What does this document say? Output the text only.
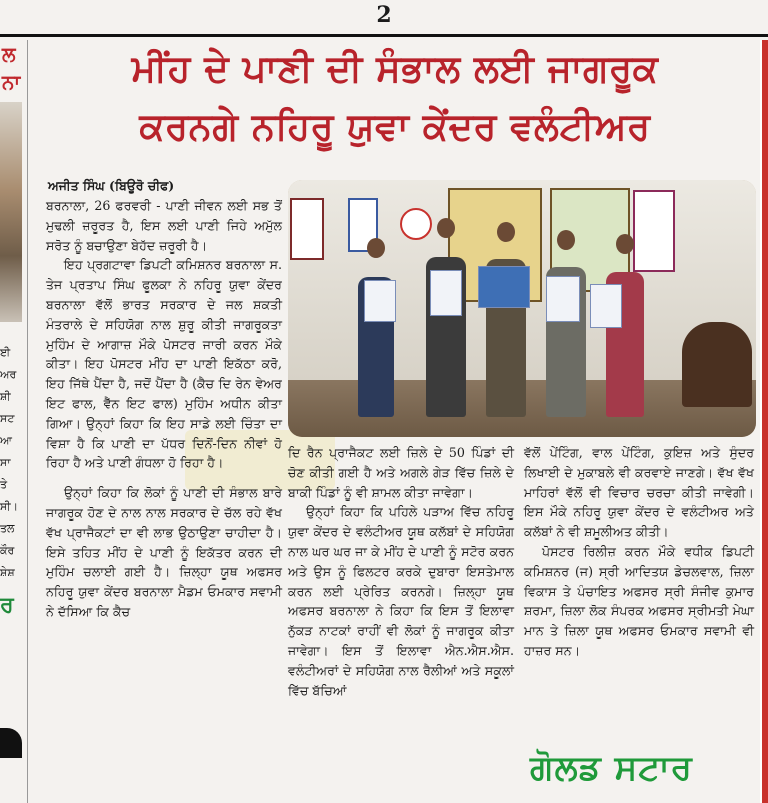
2
ਲ
ਨਾ
ਈ
ਅਰ
ਸ਼ੀ
ਸਟ
ਆ
ਸਾ
ਤੇ
ਸੀ।
ਤਲ
ਕੌਰ
ਸ਼ੇਸ਼
ਰ
ਮੀਂਹ ਦੇ ਪਾਣੀ ਦੀ ਸੰਭਾਲ ਲਈ ਜਾਗਰੂਕ
ਕਰਨਗੇ ਨਹਿਰੂ ਯੁਵਾ ਕੇਂਦਰ ਵਲੰਟੀਅਰ
ਅਜੀਤ ਸਿੰਘ (ਬਿਊਰੋ ਚੀਫ)

ਬਰਨਾਲਾ, 26 ਫਰਵਰੀ - ਪਾਣੀ ਜੀਵਨ ਲਈ ਸਭ ਤੋਂ ਮੁਢਲੀ ਜ਼ਰੂਰਤ ਹੈ, ਇਸ ਲਈ ਪਾਣੀ ਜਿਹੇ ਅਮੁੱਲ ਸਰੋਤ ਨੂੰ ਬਚਾਉਣਾ ਬੇਹੱਦ ਜ਼ਰੂਰੀ ਹੈ।

ਇਹ ਪ੍ਰਗਟਾਵਾ ਡਿਪਟੀ ਕਮਿਸ਼ਨਰ ਬਰਨਾਲਾ ਸ. ਤੇਜ ਪ੍ਰਤਾਪ ਸਿੰਘ ਫੂਲਕਾ ਨੇ ਨਹਿਰੂ ਯੁਵਾ ਕੇਂਦਰ ਬਰਨਾਲਾ ਵੱਲੋਂ ਭਾਰਤ ਸਰਕਾਰ ਦੇ ਜਲ ਸ਼ਕਤੀ ਮੰਤਰਾਲੇ ਦੇ ਸਹਿਯੋਗ ਨਾਲ ਸ਼ੁਰੂ ਕੀਤੀ ਜਾਗਰੂਕਤਾ ਮੁਹਿੰਮ ਦੇ ਆਗਾਜ਼ ਮੌਕੇ ਪੋਸਟਰ ਜਾਰੀ ਕਰਨ ਮੌਕੇ ਕੀਤਾ। ਇਹ ਪੋਸਟਰ ਮੀਂਹ ਦਾ ਪਾਣੀ ਇਕੱਠਾ ਕਰੋ, ਇਹ ਜਿੱਥੇ ਪੈਂਦਾ ਹੈ, ਜਦੋਂ ਪੈਂਦਾ ਹੈ (ਕੈਚ ਦਿ ਰੇਨ ਵੇਅਰ ਇਟ ਫਾਲ, ਵੈੱਨ ਇਟ ਫਾਲ) ਮੁਹਿੰਮ ਅਧੀਨ ਕੀਤਾ ਗਿਆ। ਉਨ੍ਹਾਂ ਕਿਹਾ ਕਿ ਇਹ ਸਾਡੇ ਲਈ ਚਿੰਤਾ ਦਾ ਵਿਸ਼ਾ ਹੈ ਕਿ ਪਾਣੀ ਦਾ ਪੱਧਰ ਦਿਨੋਂ-ਦਿਨ ਨੀਵਾਂ ਹੋ ਰਿਹਾ ਹੈ ਅਤੇ ਪਾਣੀ ਗੰਧਲਾ ਹੋ ਰਿਹਾ ਹੈ।

ਉਨ੍ਹਾਂ ਕਿਹਾ ਕਿ ਲੋਕਾਂ ਨੂੰ ਪਾਣੀ ਦੀ ਸੰਭਾਲ ਬਾਰੇ ਜਾਗਰੂਕ ਹੋਣ ਦੇ ਨਾਲ ਨਾਲ ਸਰਕਾਰ ਦੇ ਚੱਲ ਰਹੇ ਵੱਖ ਵੱਖ ਪ੍ਰਾਜੈਕਟਾਂ ਦਾ ਵੀ ਲਾਭ ਉਠਾਉਣਾ ਚਾਹੀਦਾ ਹੈ। ਇਸੇ ਤਹਿਤ ਮੀਂਹ ਦੇ ਪਾਣੀ ਨੂੰ ਇਕੱਤਰ ਕਰਨ ਦੀ ਮੁਹਿੰਮ ਚਲਾਈ ਗਈ ਹੈ। ਜ਼ਿਲ੍ਹਾ ਯੂਥ ਅਫਸਰ ਨਹਿਰੂ ਯੁਵਾ ਕੇਂਦਰ ਬਰਨਾਲਾ ਮੈਡਮ ਓਮਕਾਰ ਸਵਾਮੀ ਨੇ ਦੱਸਿਆ ਕਿ ਕੈਚ

ਦਿ ਰੈਨ ਪ੍ਰਾਜੈਕਟ ਲਈ ਜ਼ਿਲੇ ਦੇ 50 ਪਿੰਡਾਂ ਦੀ ਚੋਣ ਕੀਤੀ ਗਈ ਹੈ ਅਤੇ ਅਗਲੇ ਗੇੜ ਵਿੱਚ ਜ਼ਿਲੇ ਦੇ ਬਾਕੀ ਪਿੰਡਾਂ ਨੂੰ ਵੀ ਸ਼ਾਮਲ ਕੀਤਾ ਜਾਵੇਗਾ।

ਉਨ੍ਹਾਂ ਕਿਹਾ ਕਿ ਪਹਿਲੇ ਪੜਾਅ ਵਿੱਚ ਨਹਿਰੂ ਯੁਵਾ ਕੇਂਦਰ ਦੇ ਵਲੰਟੀਅਰ ਯੂਥ ਕਲੱਬਾਂ ਦੇ ਸਹਿਯੋਗ ਨਾਲ ਘਰ ਘਰ ਜਾ ਕੇ ਮੀਂਹ ਦੇ ਪਾਣੀ ਨੂੰ ਸਟੋਰ ਕਰਨ ਅਤੇ ਉਸ ਨੂੰ ਫਿਲਟਰ ਕਰਕੇ ਦੁਬਾਰਾ ਇਸਤੇਮਾਲ ਕਰਨ ਲਈ ਪ੍ਰੇਰਿਤ ਕਰਨਗੇ। ਜ਼ਿਲ੍ਹਾ ਯੂਥ ਅਫਸਰ ਬਰਨਾਲਾ ਨੇ ਕਿਹਾ ਕਿ ਇਸ ਤੋਂ ਇਲਾਵਾ ਨੁੱਕੜ ਨਾਟਕਾਂ ਰਾਹੀਂ ਵੀ ਲੋਕਾਂ ਨੂੰ ਜਾਗਰੂਕ ਕੀਤਾ ਜਾਵੇਗਾ। ਇਸ ਤੋਂ ਇਲਾਵਾ ਐਨ.ਐਸ.ਐਸ. ਵਲੰਟੀਅਰਾਂ ਦੇ ਸਹਿਯੋਗ ਨਾਲ ਰੈਲੀਆਂ ਅਤੇ ਸਕੂਲਾਂ ਵਿੱਚ ਬੱਚਿਆਂ

ਵੱਲੋਂ ਪੇਂਟਿੰਗ, ਵਾਲ ਪੇਂਟਿੰਗ, ਕੁਇਜ਼ ਅਤੇ ਸੁੰਦਰ ਲਿਖਾਈ ਦੇ ਮੁਕਾਬਲੇ ਵੀ ਕਰਵਾਏ ਜਾਣਗੇ। ਵੱਖ ਵੱਖ ਮਾਹਿਰਾਂ ਵੱਲੋਂ ਵੀ ਵਿਚਾਰ ਚਰਚਾ ਕੀਤੀ ਜਾਵੇਗੀ। ਇਸ ਮੌਕੇ ਨਹਿਰੂ ਯੁਵਾ ਕੇਂਦਰ ਦੇ ਵਲੰਟੀਅਰ ਅਤੇ ਕਲੱਬਾਂ ਨੇ ਵੀ ਸ਼ਮੂਲੀਅਤ ਕੀਤੀ।

ਪੋਸਟਰ ਰਿਲੀਜ਼ ਕਰਨ ਮੌਕੇ ਵਧੀਕ ਡਿਪਟੀ ਕਮਿਸ਼ਨਰ (ਜ) ਸ੍ਰੀ ਆਦਿਤਯ ਡੇਚਲਵਾਲ, ਜ਼ਿਲਾ ਵਿਕਾਸ ਤੇ ਪੰਚਾਇਤ ਅਫਸਰ ਸ੍ਰੀ ਸੰਜੀਵ ਕੁਮਾਰ ਸ਼ਰਮਾ, ਜ਼ਿਲਾ ਲੋਕ ਸੰਪਰਕ ਅਫਸਰ ਸ੍ਰੀਮਤੀ ਮੇਘਾ ਮਾਨ ਤੇ ਜ਼ਿਲਾ ਯੂਥ ਅਫਸਰ ਓਮਕਾਰ ਸਵਾਮੀ ਵੀ ਹਾਜ਼ਰ ਸਨ।

ਗੋਲਡ ਸਟਾਰ
